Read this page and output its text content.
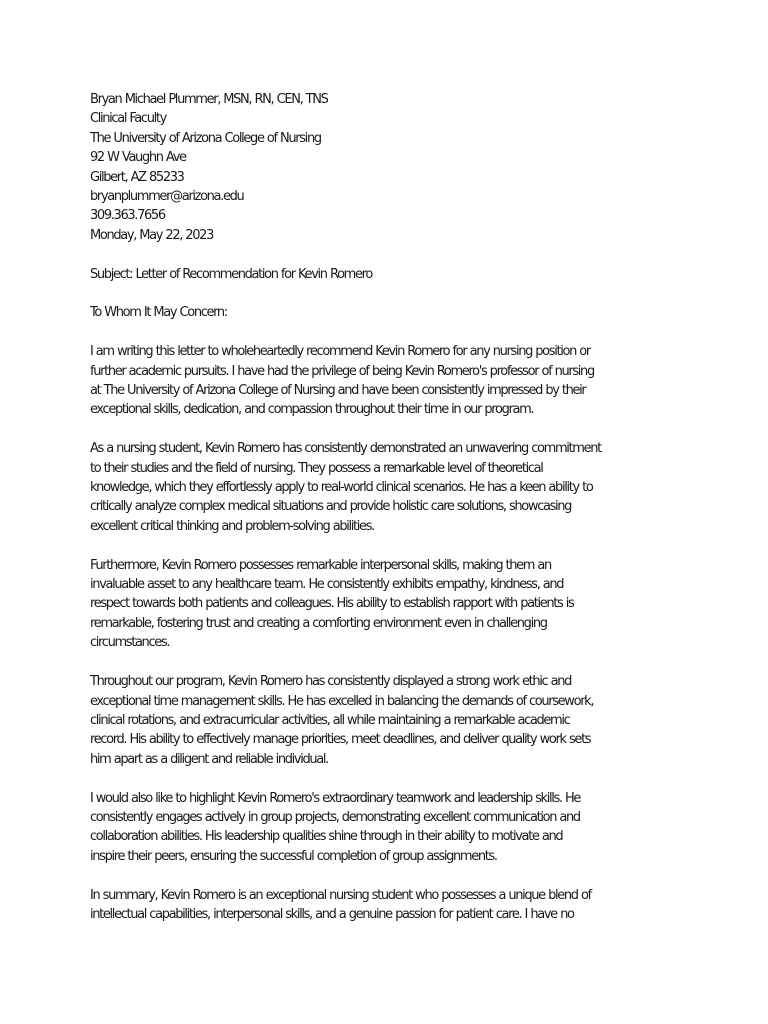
Bryan Michael Plummer, MSN, RN, CEN, TNS
Clinical Faculty
The University of Arizona College of Nursing
92 W Vaughn Ave
Gilbert, AZ 85233
bryanplummer@arizona.edu
309.363.7656
Monday, May 22, 2023
Subject: Letter of Recommendation for Kevin Romero
To Whom It May Concern:
I am writing this letter to wholeheartedly recommend Kevin Romero for any nursing position or
further academic pursuits. I have had the privilege of being Kevin Romero's professor of nursing
at The University of Arizona College of Nursing and have been consistently impressed by their
exceptional skills, dedication, and compassion throughout their time in our program.
As a nursing student, Kevin Romero has consistently demonstrated an unwavering commitment
to their studies and the field of nursing. They possess a remarkable level of theoretical
knowledge, which they effortlessly apply to real-world clinical scenarios. He has a keen ability to
critically analyze complex medical situations and provide holistic care solutions, showcasing
excellent critical thinking and problem-solving abilities.
Furthermore, Kevin Romero possesses remarkable interpersonal skills, making them an
invaluable asset to any healthcare team. He consistently exhibits empathy, kindness, and
respect towards both patients and colleagues. His ability to establish rapport with patients is
remarkable, fostering trust and creating a comforting environment even in challenging
circumstances.
Throughout our program, Kevin Romero has consistently displayed a strong work ethic and
exceptional time management skills. He has excelled in balancing the demands of coursework,
clinical rotations, and extracurricular activities, all while maintaining a remarkable academic
record. His ability to effectively manage priorities, meet deadlines, and deliver quality work sets
him apart as a diligent and reliable individual.
I would also like to highlight Kevin Romero's extraordinary teamwork and leadership skills. He
consistently engages actively in group projects, demonstrating excellent communication and
collaboration abilities. His leadership qualities shine through in their ability to motivate and
inspire their peers, ensuring the successful completion of group assignments.
In summary, Kevin Romero is an exceptional nursing student who possesses a unique blend of
intellectual capabilities, interpersonal skills, and a genuine passion for patient care. I have no
